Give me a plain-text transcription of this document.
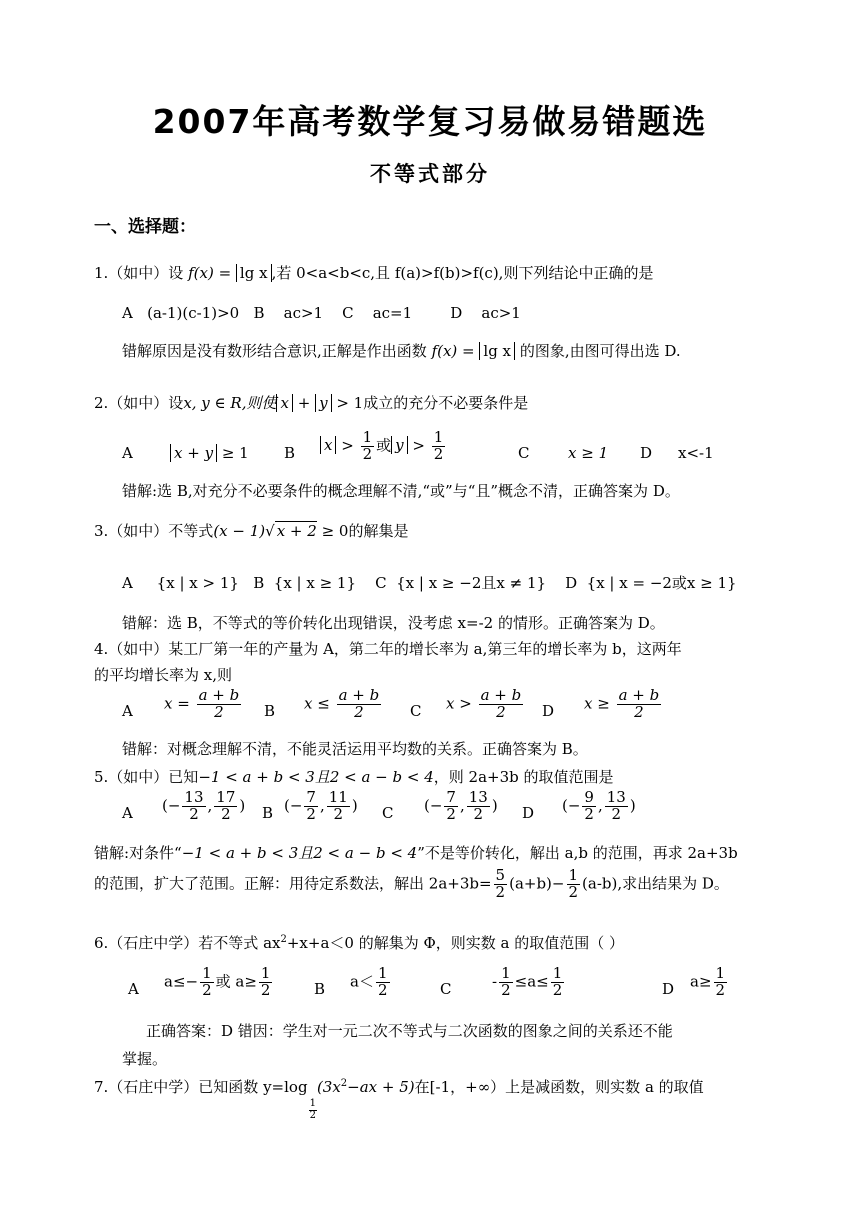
2007年高考数学复习易做易错题选
不等式部分
一、选择题：
1.（如中）设 f(x) = lg x ,若 0<a<b<c,且 f(a)>f(b)>f(c),则下列结论中正确的是
A   (a-1)(c-1)>0   B    ac>1    C    ac=1        D    ac>1
错解原因是没有数形结合意识,正解是作出函数 f(x) = lg x 的图象,由图可得出选 D.
2.（如中）设x, y ∈ R,则使 x + y > 1成立的充分不必要条件是
A	x + y ≥ 1 B $x > \frac{1}{2}$ 或 $y > \frac{1}{2}$	C	x ≥ 1 D x<-1
错解:选 B,对充分不必要条件的概念理解不清,“或”与“且”概念不清，正确答案为 D。
3.（如中）不等式(x − 1)√ x + 2 ≥ 0的解集是
A     {x | x > 1}   B  {x | x ≥ 1}    C  {x | x ≥ −2且x ≠ 1}    D  {x | x = −2或x ≥ 1}
错解：选 B，不等式的等价转化出现错误，没考虑 x=-2 的情形。正确答案为 D。
4.（如中）某工厂第一年的产量为 A，第二年的增长率为 a,第三年的增长率为 b，这两年
的平均增长率为 x,则
A $x = \frac{a + b}{2}$ B $x \le \frac{a + b}{2}$ C $x > \frac{a + b}{2}$ D $x \ge \frac{a + b}{2}$
错解：对概念理解不清，不能灵活运用平均数的关系。正确答案为 B。
5.（如中）已知−1 < a + b < 3且2 < a − b < 4，则 2a+3b 的取值范围是
A (− $\frac{13}{2}$ , $\frac{17}{2}$ ) B (− $\frac{7}{2}$ , $\frac{11}{2}$ ) C (− $\frac{7}{2}$ , $\frac{13}{2}$ ) D (− $\frac{9}{2}$ , $\frac{13}{2}$ )
错解:对条件“−1 < a + b < 3且2 < a − b < 4”不是等价转化，解出 a,b 的范围，再求 2a+3b
的范围，扩大了范围。正解：用待定系数法，解出 $2a+3b= \frac{5}{2} (a+b)- \frac{1}{2} (a-b)$,求出结果为 D。
6.（石庄中学）若不等式 $ax^2+x+a<0$ 的解集为 Φ，则实数 a 的取值范围（ ）
A $a\le- \frac{1}{2}$ 或 $a\ge \frac{1}{2}$	B $a< \frac{1}{2}$	C	- $\frac{1}{2} \le a\le \frac{1}{2}$	D $a\ge \frac{1}{2}$
正确答案：D 错因：学生对一元二次不等式与二次函数的图象之间的关系还不能
掌握。
7.（石庄中学）已知函数 y=log
$\frac{1}{2}$
$(3x^2-ax + 5)$在[-1，+∞）上是减函数，则实数 a 的取值
